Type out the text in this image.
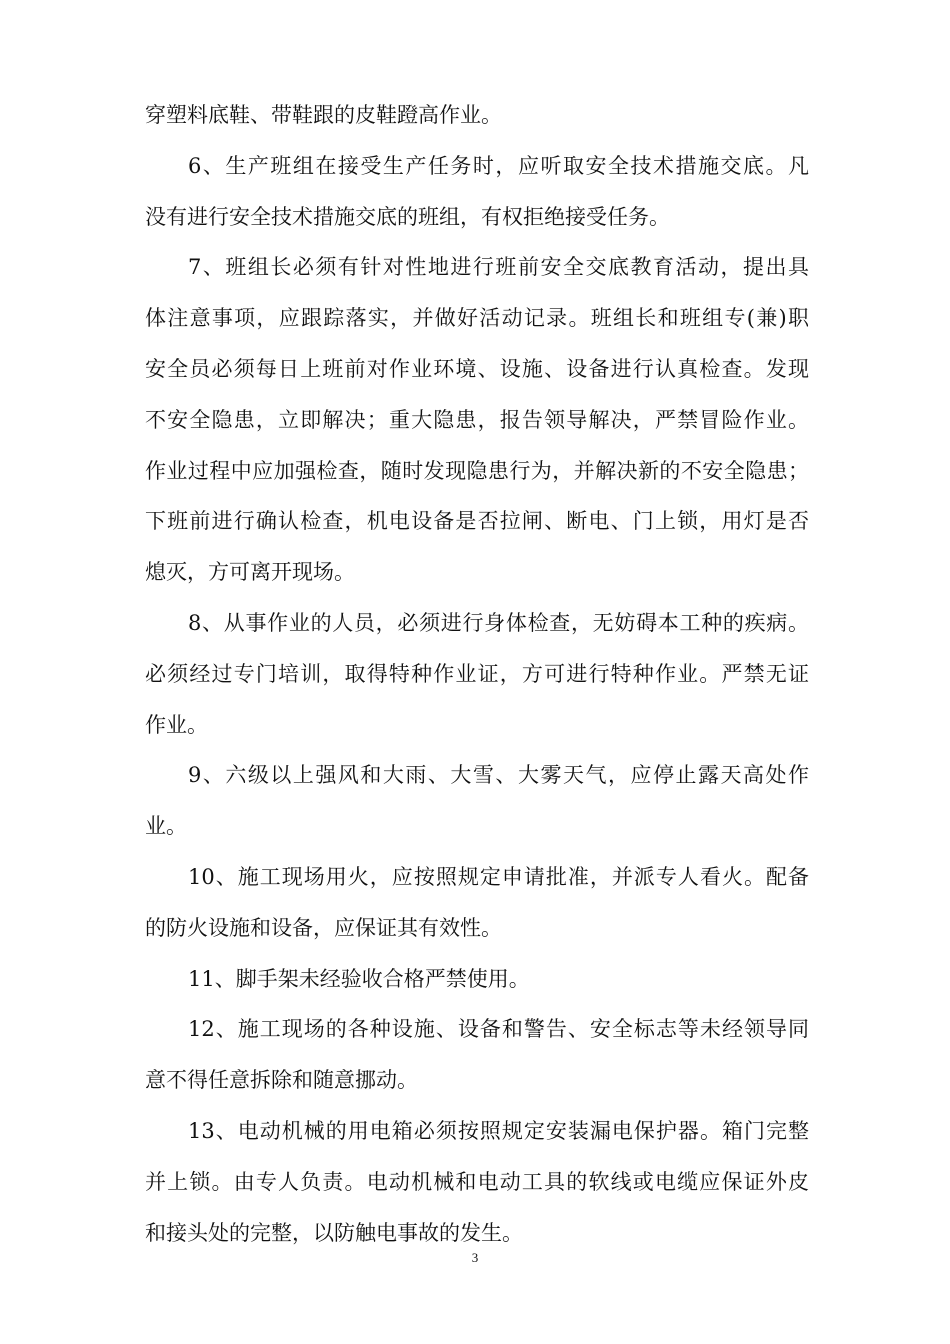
穿塑料底鞋、带鞋跟的皮鞋蹬高作业。
6、生产班组在接受生产任务时，应听取安全技术措施交底。凡
没有进行安全技术措施交底的班组，有权拒绝接受任务。
7、班组长必须有针对性地进行班前安全交底教育活动，提出具
体注意事项，应跟踪落实，并做好活动记录。班组长和班组专(兼)职
安全员必须每日上班前对作业环境、设施、设备进行认真检查。发现
不安全隐患，立即解决；重大隐患，报告领导解决，严禁冒险作业。
作业过程中应加强检查，随时发现隐患行为，并解决新的不安全隐患；
下班前进行确认检查，机电设备是否拉闸、断电、门上锁，用灯是否
熄灭，方可离开现场。
8、从事作业的人员，必须进行身体检查，无妨碍本工种的疾病。
必须经过专门培训，取得特种作业证，方可进行特种作业。严禁无证
作业。
9、六级以上强风和大雨、大雪、大雾天气，应停止露天高处作
业。
10、施工现场用火，应按照规定申请批准，并派专人看火。配备
的防火设施和设备，应保证其有效性。
11、脚手架未经验收合格严禁使用。
12、施工现场的各种设施、设备和警告、安全标志等未经领导同
意不得任意拆除和随意挪动。
13、电动机械的用电箱必须按照规定安装漏电保护器。箱门完整
并上锁。由专人负责。电动机械和电动工具的软线或电缆应保证外皮
和接头处的完整，以防触电事故的发生。
3
